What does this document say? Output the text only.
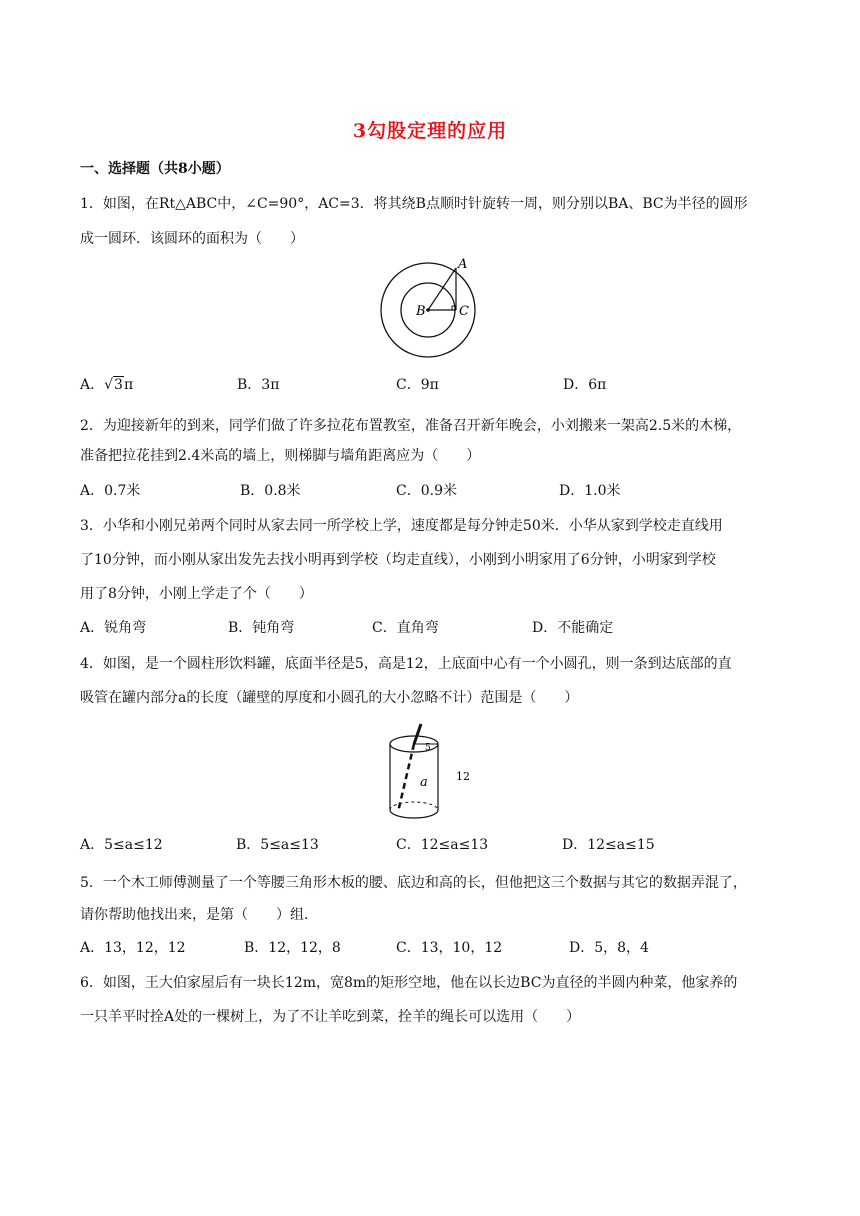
3勾股定理的应用
一、选择题（共8小题）
1．如图，在Rt△ABC中，∠C=90°，AC=3．将其绕B点顺时针旋转一周，则分别以BA、BC为半径的圆形
成一圆环．该圆环的面积为（　　）
A
B	C
A．√3π	B．3π	C．9π	D．6π
2．为迎接新年的到来，同学们做了许多拉花布置教室，准备召开新年晚会，小刘搬来一架高2.5米的木梯，
准备把拉花挂到2.4米高的墙上，则梯脚与墙角距离应为（　　）
A．0.7米	B．0.8米	C．0.9米	D．1.0米
3．小华和小刚兄弟两个同时从家去同一所学校上学，速度都是每分钟走50米．小华从家到学校走直线用
了10分钟，而小刚从家出发先去找小明再到学校（均走直线），小刚到小明家用了6分钟，小明家到学校
用了8分钟，小刚上学走了个（　　）
A．锐角弯	B．钝角弯	C．直角弯	D．不能确定
4．如图，是一个圆柱形饮料罐，底面半径是5，高是12，上底面中心有一个小圆孔，则一条到达底部的直
吸管在罐内部分a的长度（罐壁的厚度和小圆孔的大小忽略不计）范围是（　　）
5
12
a
A．5≤a≤12	B．5≤a≤13	C．12≤a≤13	D．12≤a≤15
5．一个木工师傅测量了一个等腰三角形木板的腰、底边和高的长，但他把这三个数据与其它的数据弄混了，
请你帮助他找出来，是第（　　）组．
A．13，12，12	B．12，12，8	C．13，10，12	D．5，8，4
6．如图，王大伯家屋后有一块长12m，宽8m的矩形空地，他在以长边BC为直径的半圆内种菜，他家养的
一只羊平时拴A处的一棵树上，为了不让羊吃到菜，拴羊的绳长可以选用（　　）
